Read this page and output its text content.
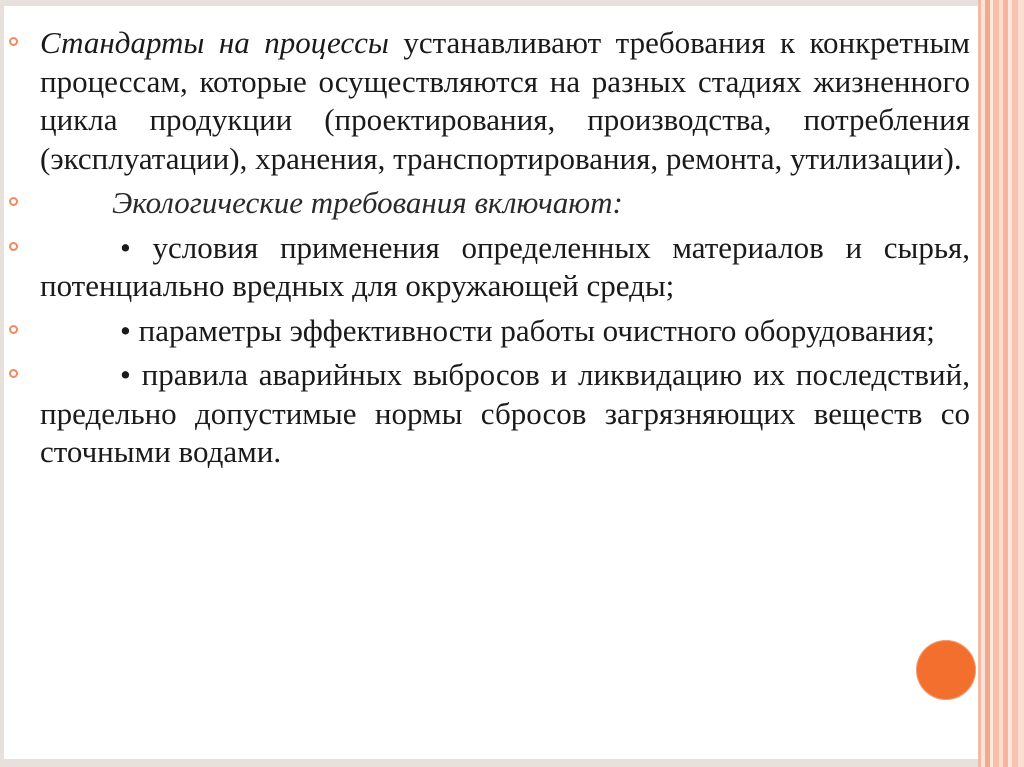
Стандарты на процессы устанавливают требования к конкретным процессам, которые осуществляются на разных стадиях жизненного цикла продукции (проектирования, производства, потребления (эксплуатации), хранения, транспортирования, ремонта, утилизации).
Экологические требования включают:
• условия применения определенных материалов и сырья, потенциально вредных для окружающей среды;
• параметры эффективности работы очистного оборудования;
• правила аварийных выбросов и ликвидацию их последствий, предельно допустимые нормы сбросов загрязняющих веществ со сточными водами.
